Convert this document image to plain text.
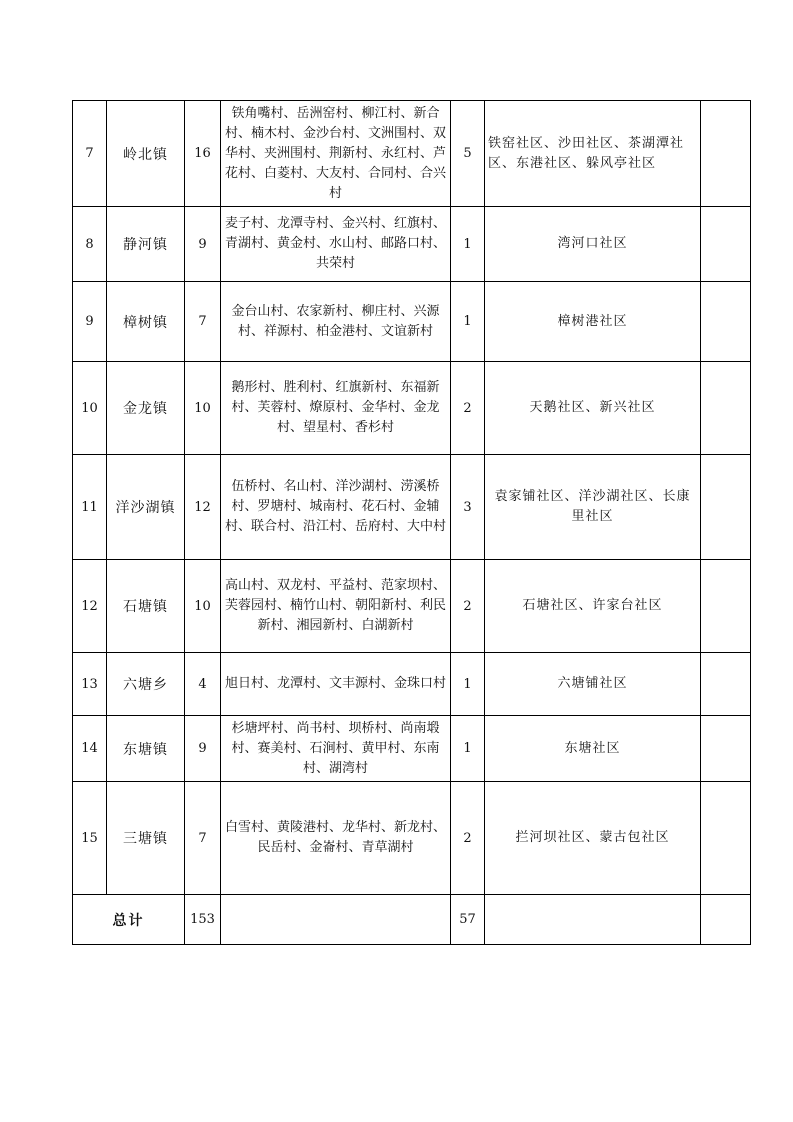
7	岭北镇	16	铁角嘴村、岳洲窑村、柳江村、新合村、楠木村、金沙台村、文洲围村、双华村、夹洲围村、荆新村、永红村、芦花村、白菱村、大友村、合同村、合兴村	5	铁窑社区、沙田社区、茶湖潭社区、东港社区、躲风亭社区	
8	静河镇	9	麦子村、龙潭寺村、金兴村、红旗村、青湖村、黄金村、水山村、邮路口村、共荣村	1	湾河口社区	
9	樟树镇	7	金台山村、农家新村、柳庄村、兴源村、祥源村、柏金港村、文谊新村	1	樟树港社区	
10	金龙镇	10	鹅形村、胜利村、红旗新村、东福新村、芙蓉村、燎原村、金华村、金龙村、望星村、香杉村	2	天鹅社区、新兴社区	
11	洋沙湖镇	12	伍桥村、名山村、洋沙湖村、涝溪桥村、罗塘村、城南村、花石村、金辅村、联合村、沿江村、岳府村、大中村	3	袁家铺社区、洋沙湖社区、长康里社区	
12	石塘镇	10	高山村、双龙村、平益村、范家坝村、芙蓉园村、楠竹山村、朝阳新村、利民新村、湘园新村、白湖新村	2	石塘社区、许家台社区	
13	六塘乡	4	旭日村、龙潭村、文丰源村、金珠口村	1	六塘铺社区	
14	东塘镇	9	杉塘坪村、尚书村、坝桥村、尚南塅村、赛美村、石涧村、黄甲村、东南村、湖湾村	1	东塘社区	
15	三塘镇	7	白雪村、黄陵港村、龙华村、新龙村、民岳村、金崙村、青草湖村	2	拦河坝社区、蒙古包社区	
总计		153		57		
